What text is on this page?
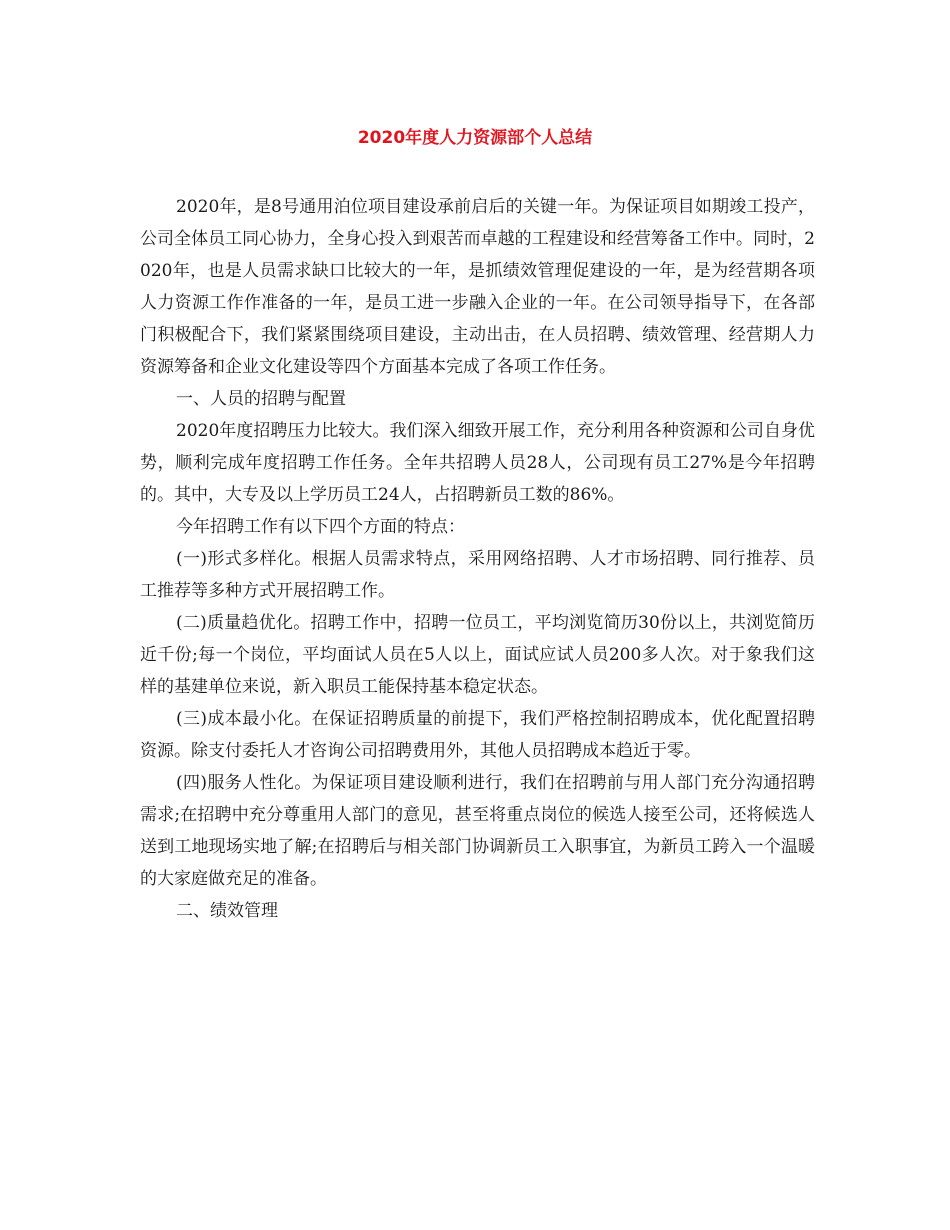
2020年度人力资源部个人总结

2020年，是8号通用泊位项目建设承前启后的关键一年。为保证项目如期竣工投产，公司全体员工同心协力，全身心投入到艰苦而卓越的工程建设和经营筹备工作中。同时，2020年，也是人员需求缺口比较大的一年，是抓绩效管理促建设的一年，是为经营期各项人力资源工作作准备的一年，是员工进一步融入企业的一年。在公司领导指导下，在各部门积极配合下，我们紧紧围绕项目建设，主动出击，在人员招聘、绩效管理、经营期人力资源筹备和企业文化建设等四个方面基本完成了各项工作任务。

一、人员的招聘与配置

2020年度招聘压力比较大。我们深入细致开展工作，充分利用各种资源和公司自身优势，顺利完成年度招聘工作任务。全年共招聘人员28人，公司现有员工27%是今年招聘的。其中，大专及以上学历员工24人，占招聘新员工数的86%。

今年招聘工作有以下四个方面的特点：

(一)形式多样化。根据人员需求特点，采用网络招聘、人才市场招聘、同行推荐、员工推荐等多种方式开展招聘工作。

(二)质量趋优化。招聘工作中，招聘一位员工，平均浏览简历30份以上，共浏览简历近千份;每一个岗位，平均面试人员在5人以上，面试应试人员200多人次。对于象我们这样的基建单位来说，新入职员工能保持基本稳定状态。

(三)成本最小化。在保证招聘质量的前提下，我们严格控制招聘成本，优化配置招聘资源。除支付委托人才咨询公司招聘费用外，其他人员招聘成本趋近于零。

(四)服务人性化。为保证项目建设顺利进行，我们在招聘前与用人部门充分沟通招聘需求;在招聘中充分尊重用人部门的意见，甚至将重点岗位的候选人接至公司，还将候选人送到工地现场实地了解;在招聘后与相关部门协调新员工入职事宜，为新员工跨入一个温暖的大家庭做充足的准备。

二、绩效管理
